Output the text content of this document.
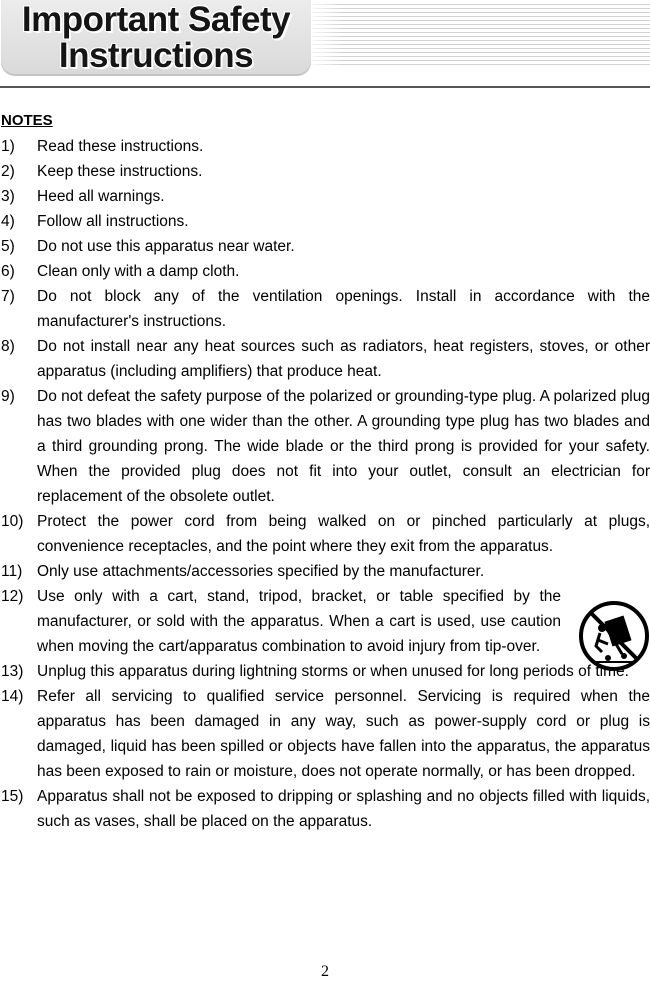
Important Safety
Instructions
NOTES
1) Read these instructions.
2) Keep these instructions.
3) Heed all warnings.
4) Follow all instructions.
5) Do not use this apparatus near water.
6) Clean only with a damp cloth.
7) Do not block any of the ventilation openings. Install in accordance with the manufacturer's instructions.
8) Do not install near any heat sources such as radiators, heat registers, stoves, or other apparatus (including amplifiers) that produce heat.
9) Do not defeat the safety purpose of the polarized or grounding-type plug. A polarized plug has two blades with one wider than the other. A grounding type plug has two blades and a third grounding prong. The wide blade or the third prong is provided for your safety. When the provided plug does not fit into your outlet, consult an electrician for replacement of the obsolete outlet.
10) Protect the power cord from being walked on or pinched particularly at plugs, convenience receptacles, and the point where they exit from the apparatus.
11) Only use attachments/accessories specified by the manufacturer.
12) Use only with a cart, stand, tripod, bracket, or table specified by the manufacturer, or sold with the apparatus. When a cart is used, use caution when moving the cart/apparatus combination to avoid injury from tip-over.
13) Unplug this apparatus during lightning storms or when unused for long periods of time.
14) Refer all servicing to qualified service personnel. Servicing is required when the apparatus has been damaged in any way, such as power-supply cord or plug is damaged, liquid has been spilled or objects have fallen into the apparatus, the apparatus has been exposed to rain or moisture, does not operate normally, or has been dropped.
15) Apparatus shall not be exposed to dripping or splashing and no objects filled with liquids, such as vases, shall be placed on the apparatus.
2
